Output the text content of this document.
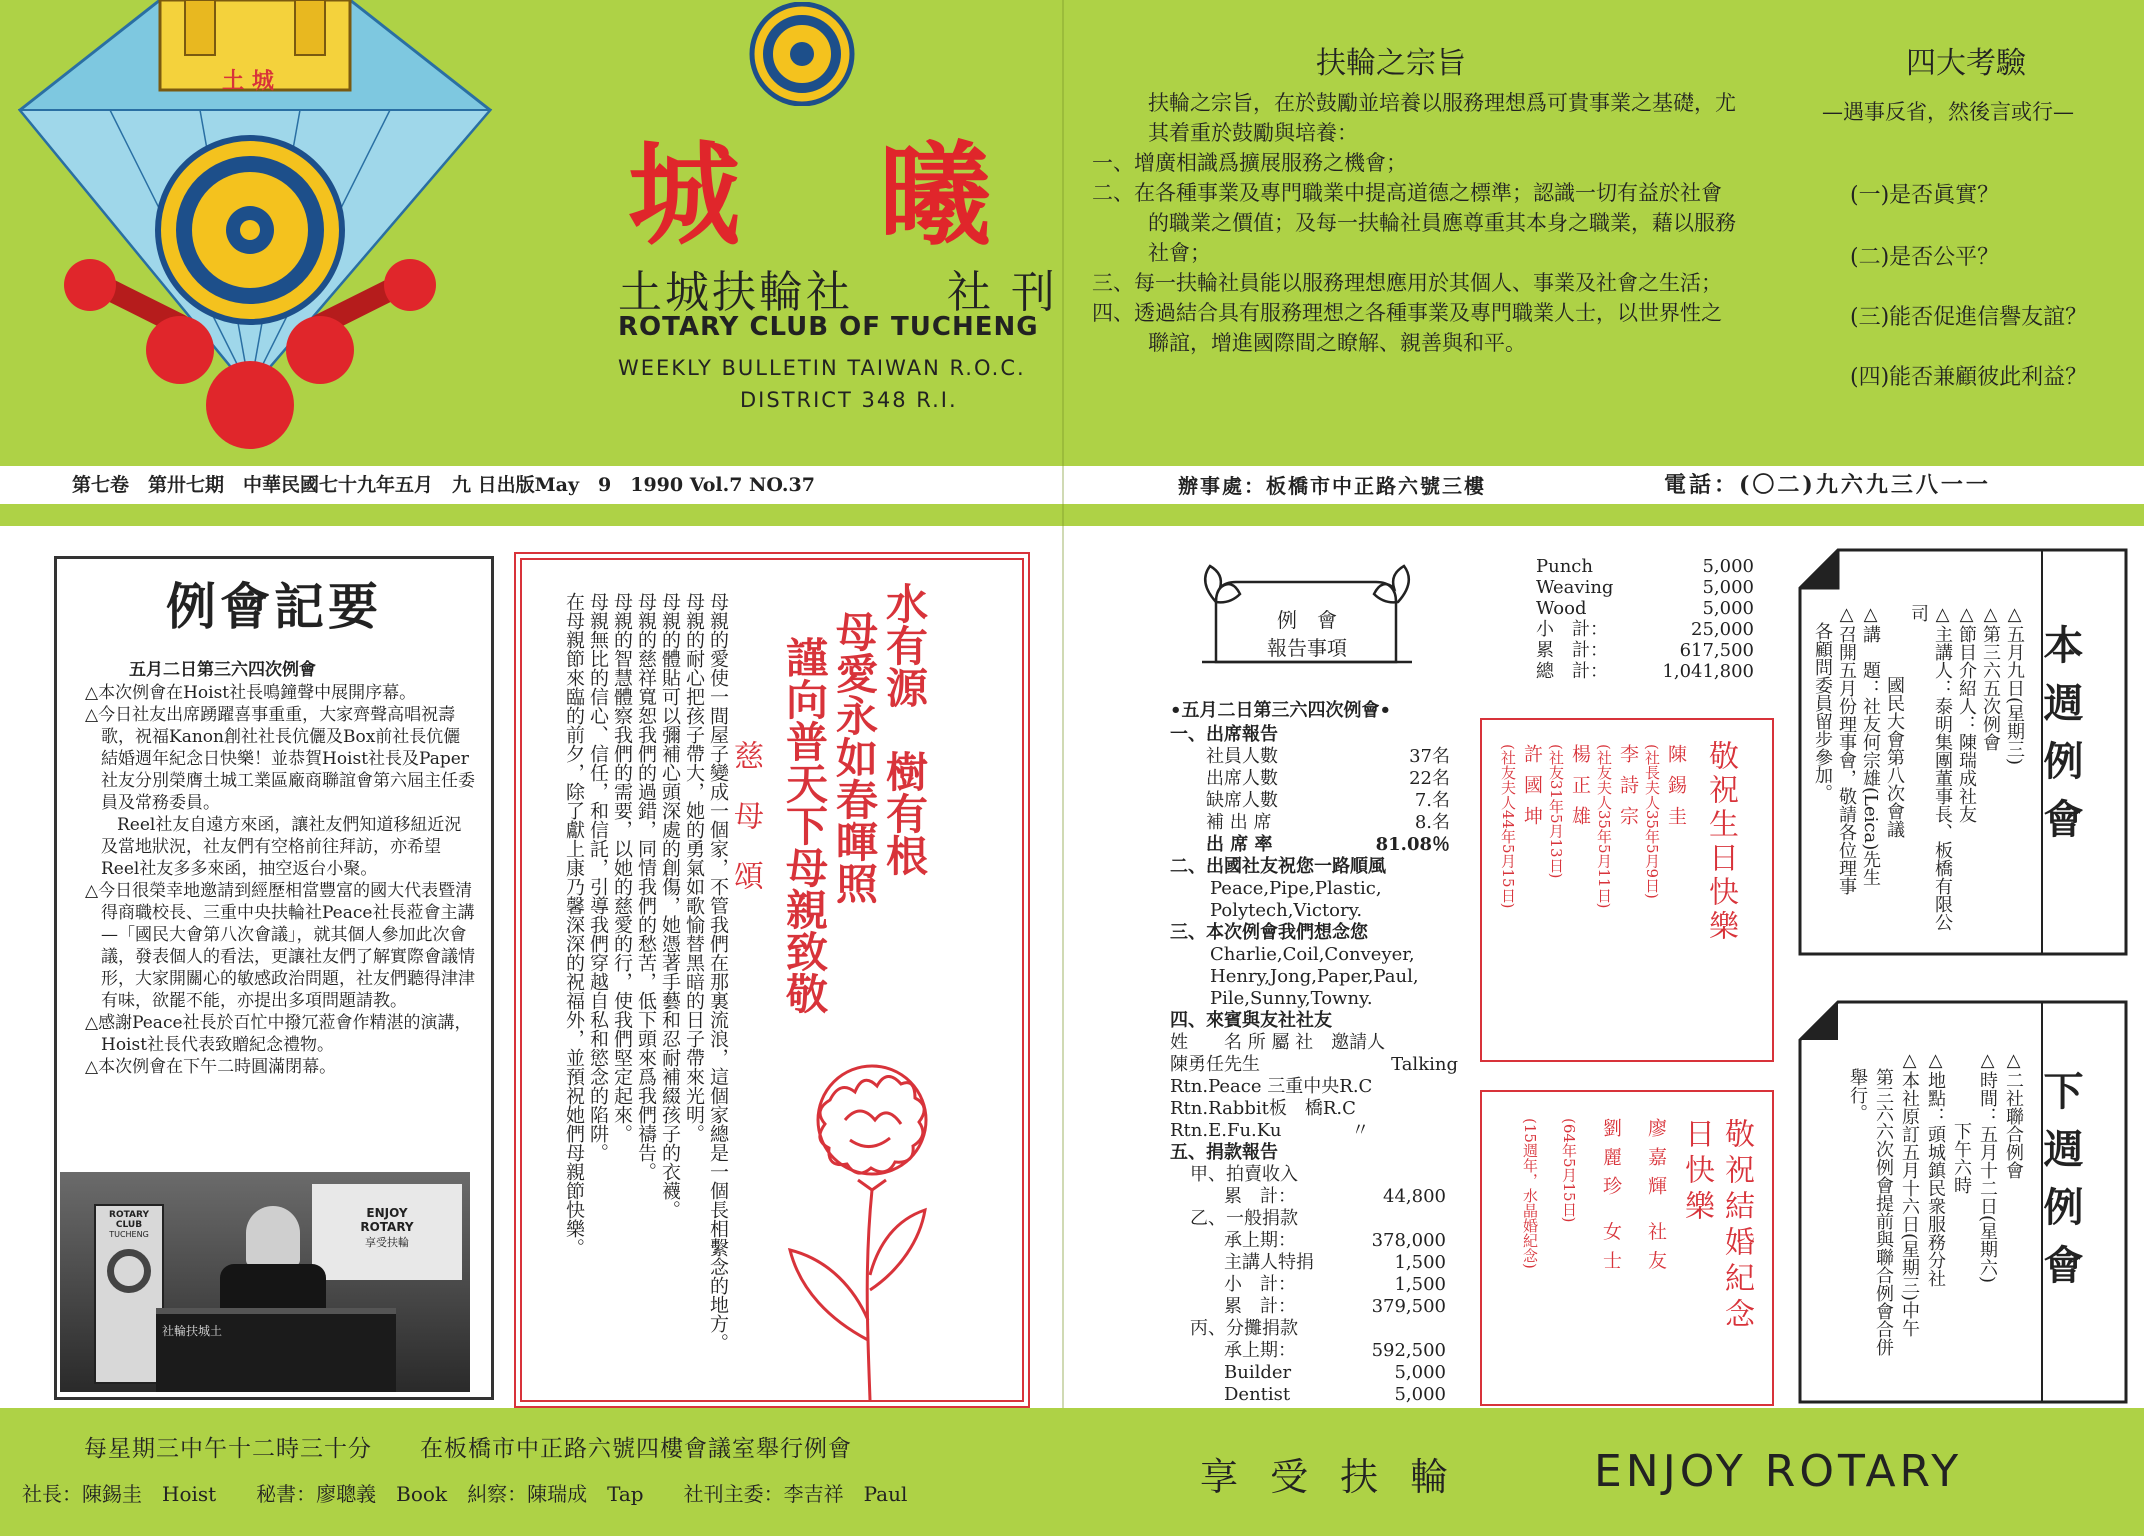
土 城
城 曦
土城扶輪社　　社 刊
ROTARY CLUB OF TUCHENG
WEEKLY BULLETIN TAIWAN R.O.C.
DISTRICT 348 R.I.
扶輪之宗旨
扶輪之宗旨，在於鼓勵並培養以服務理想爲可貴事業之基礎，尤其着重於鼓勵與培養：
一、增廣相識爲擴展服務之機會；
二、在各種事業及專門職業中提高道德之標準；認識一切有益於社會的職業之價值；及每一扶輪社員應尊重其本身之職業，藉以服務社會；
三、每一扶輪社員能以服務理想應用於其個人、事業及社會之生活；
四、透過結合具有服務理想之各種事業及專門職業人士，以世界性之聯誼，增進國際間之瞭解、親善與和平。
四大考驗
—遇事反省，然後言或行—
(一)是否眞實？
(二)是否公平？
(三)能否促進信譽友誼？
(四)能否兼顧彼此利益？
第七卷　第卅七期　中華民國七十九年五月　九 日出版May　9　1990 Vol.7 NO.37	辦事處：板橋市中正路六號三樓	電話：(〇二)九六九三八一一
例會記要
五月二日第三六四次例會

△本次例會在Hoist社長鳴鐘聲中展開序幕。

△今日社友出席踴躍喜事重重，大家齊聲高唱祝壽歌，祝福Kanon創社社長伉儷及Box前社長伉儷結婚週年紀念日快樂！並恭賀Hoist社長及Paper社友分別榮膺土城工業區廠商聯誼會第六屆主任委員及常務委員。

Reel社友自遠方來函，讓社友們知道移紐近況及當地狀況，社友們有空格前往拜訪，亦希望Reel社友多多來函，抽空返台小聚。

△今日很榮幸地邀請到經歷相當豐富的國大代表暨清得商職校長、三重中央扶輪社Peace社長蒞會主講—「國民大會第八次會議」，就其個人參加此次會議，發表個人的看法，更讓社友們了解實際會議情形，大家開關心的敏感政治問題，社友們聽得津津有味，欲罷不能，亦提出多項問題請教。

△感謝Peace社長於百忙中撥冗蒞會作精湛的演講，Hoist社長代表致贈紀念禮物。

△本次例會在下午二時圓滿閉幕。

ROTARY CLUB
TUCHENG
ENJOY
ROTARY
享受扶輪
社輪扶城土
水有源　樹有根
母愛永如春暉照
謹向普天下母親致敬
慈　母　頌

母親的愛使一間屋子變成一個家，不管我們在那裏流浪，這個家總是一個長相繫念的地方。

母親的耐心把孩子帶大，她的勇氣如歌愉替黑暗的日子帶來光明。

母親的體貼可以彌補心頭深處的創傷，她憑著手藝和忍耐補綴孩子的衣襪。

母親的慈祥寬恕我們的過錯，同情我們的愁苦，低下頭來爲我們禱告。

母親的智慧體察我們的需要，以她的慈愛的行，使我們堅定起來。

母親無比的信心、信任，和信託，引導我們穿越自私和慾念的陷阱。

在母親節來臨的前夕，除了獻上康乃馨深深的祝福外，並預祝她們母親節快樂。	例　會
報告事項
•五月二日第三六四次例會•
一、出席報告
社員人數	37名
出席人數	22名
缺席人數	7.名
補 出 席	8.名
出 席 率	81.08％
二、出國社友祝您一路順風
Peace,Pipe,Plastic,
Polytech,Victory.
三、本次例會我們想念您
Charlie,Coil,Conveyer,
Henry,Jong,Paper,Paul,
Pile,Sunny,Towny.
四、來賓與友社社友
姓　　名 所 屬 社　邀請人
陳勇任先生	Talking
Rtn.Peace 三重中央R.C
Rtn.Rabbit板　橋R.C
Rtn.E.Fu.Ku	〃
五、捐款報告
甲、拍賣收入
累　計：	44,800
乙、一般捐款
承上期：	378,000
主講人特捐	1,500
小　計：	1,500
累　計：	379,500
丙、分攤捐款
承上期：	592,500
Builder	5,000
Dentist	5,000
Punch	5,000
Weaving	5,000
Wood	5,000
小　計：	25,000
累　計：	617,500
總　計：	1,041,800
敬祝生日快樂
陳錫圭
(社長夫人35年5月9日)
李詩宗
(社友夫人35年5月11日)
楊正雄
(社友31年5月13日)
許國坤
(社友夫人44年5月15日)
敬祝結婚紀念日快樂
廖嘉輝 社友
劉麗珍 女士
(64年5月15日)
(15週年，水晶婚紀念)
本週例會
△五月九日(星期三)
△第三六五次例會
△節目介紹人：陳瑞成社友
△主講人：泰明集團董事長、板橋有限公司
　　　　國民大會第八次會議
△講　題：社友何宗雄(Leica)先生
△召開五月份理事會，敬請各位理事
　各顧問委員留步參加。
下週例會
△二社聯合例會
△時間：五月十二日(星期六)
　　　　下午六時
△地點：頭城鎮民衆服務分社
△本社原訂五月十六日(星期三)中午
　第三六六次例會提前與聯合例會合併
　舉行。
每星期三中午十二時三十分　　在板橋市中正路六號四樓會議室舉行例會
社長：陳錫圭　Hoist　　秘書：廖聰義　Book　糾察：陳瑞成　Tap　　社刊主委：李吉祥　Paul	享 受 扶 輪	ENJOY ROTARY
